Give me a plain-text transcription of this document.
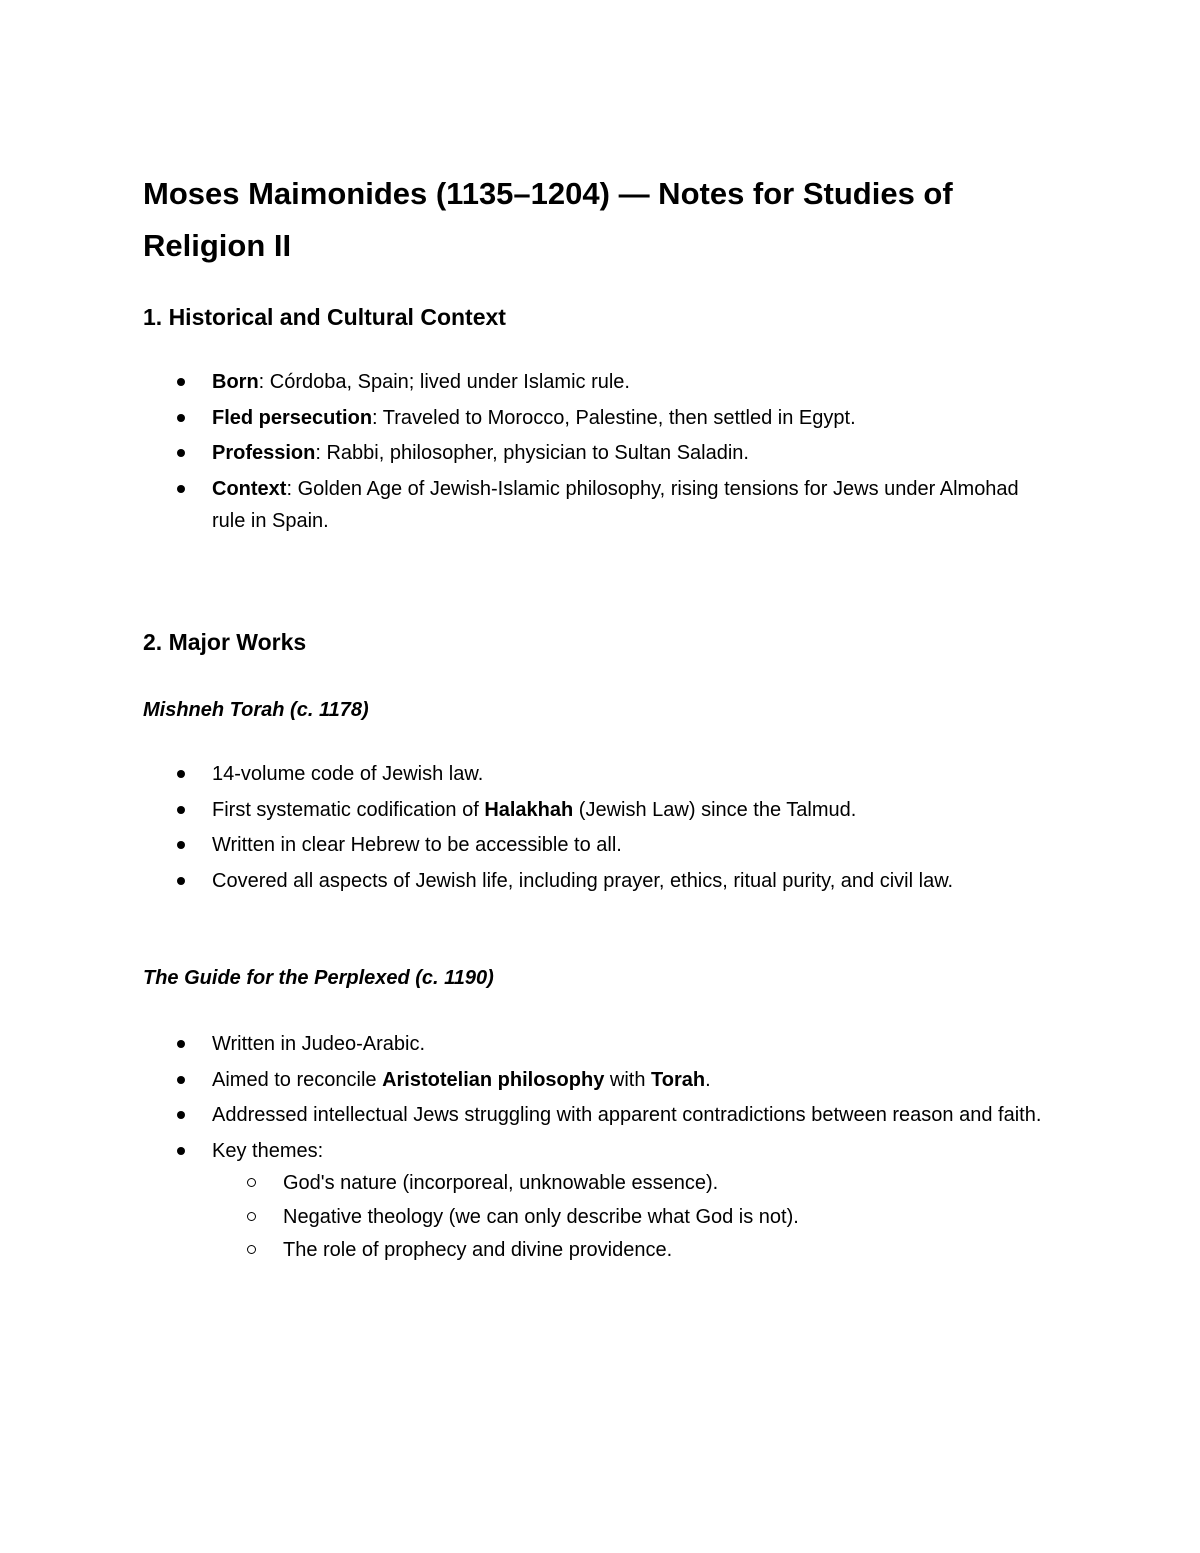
Moses Maimonides (1135–1204) — Notes for Studies of Religion II
1. Historical and Cultural Context
Born: Córdoba, Spain; lived under Islamic rule.
Fled persecution: Traveled to Morocco, Palestine, then settled in Egypt.
Profession: Rabbi, philosopher, physician to Sultan Saladin.
Context: Golden Age of Jewish-Islamic philosophy, rising tensions for Jews under Almohad rule in Spain.
2. Major Works
Mishneh Torah (c. 1178)
14-volume code of Jewish law.
First systematic codification of Halakhah (Jewish Law) since the Talmud.
Written in clear Hebrew to be accessible to all.
Covered all aspects of Jewish life, including prayer, ethics, ritual purity, and civil law.
The Guide for the Perplexed (c. 1190)
Written in Judeo-Arabic.
Aimed to reconcile Aristotelian philosophy with Torah.
Addressed intellectual Jews struggling with apparent contradictions between reason and faith.
Key themes:
God's nature (incorporeal, unknowable essence).
Negative theology (we can only describe what God is not).
The role of prophecy and divine providence.
